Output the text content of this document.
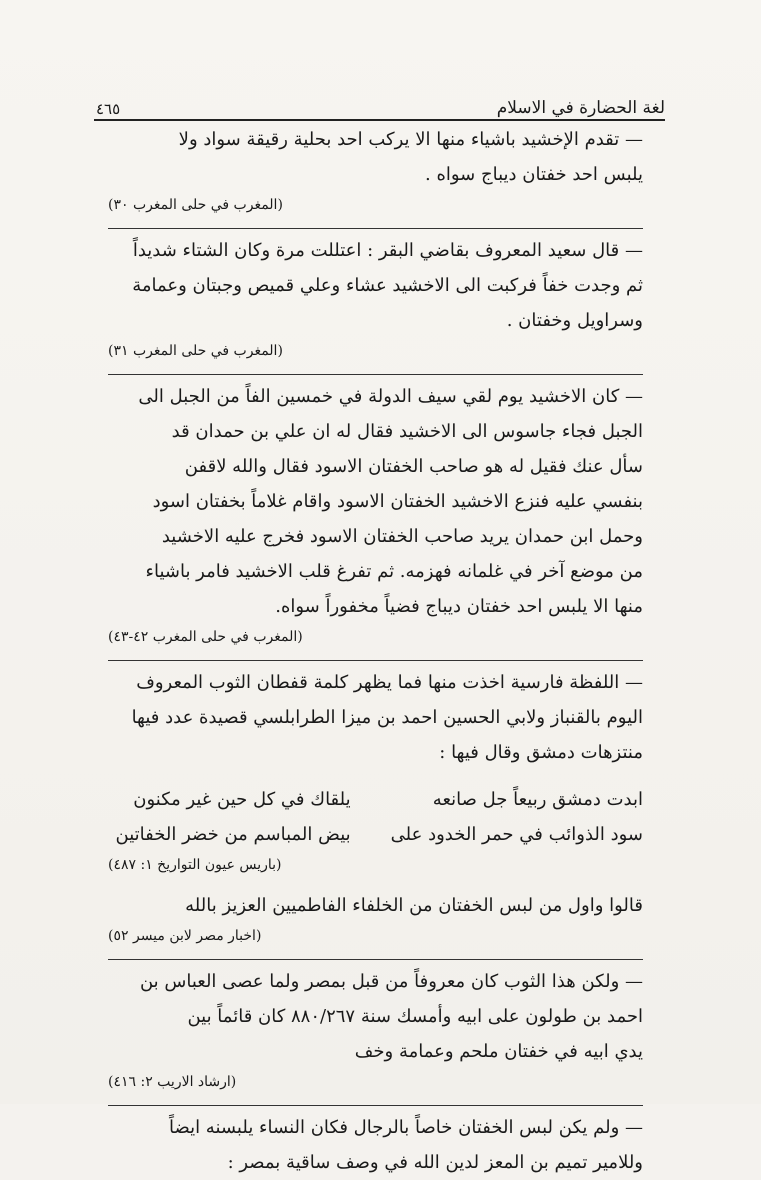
لغة الحضارة في الاسلام
٤٦٥

— تقدم الإخشيد باشياء منها الا يركب احد بحلية رقيقة سواد ولا

يلبس احد خفتان ديباج سواه .

(المغرب في حلى المغرب ٣٠)

— قال سعيد المعروف بقاضي البقر : اعتللت مرة وكان الشتاء شديداً

ثم وجدت خفاً فركبت الى الاخشيد عشاء وعلي قميص وجبتان وعمامة

وسراويل وخفتان .

(المغرب في حلى المغرب ٣١)

— كان الاخشيد يوم لقي سيف الدولة في خمسين الفاً من الجبل الى

الجبل فجاء جاسوس الى الاخشيد فقال له ان علي بن حمدان قد

سأل عنك فقيل له هو صاحب الخفتان الاسود فقال والله لاقفن

بنفسي عليه فنزع الاخشيد الخفتان الاسود واقام غلاماً بخفتان اسود

وحمل ابن حمدان يريد صاحب الخفتان الاسود فخرج عليه الاخشيد

من موضع آخر في غلمانه فهزمه. ثم تفرغ قلب الاخشيد فامر باشياء

منها الا يلبس احد خفتان ديباج فضياً مخفوراً سواه.

(المغرب في حلى المغرب ٤٢-٤٣)

— اللفظة فارسية اخذت منها فما يظهر كلمة قفطان الثوب المعروف

اليوم بالقنباز ولابي الحسين احمد بن ميزا الطرابلسي قصيدة عدد فيها

منتزهات دمشق وقال فيها :

ابدت دمشق ربيعاً جل صانعه
يلقاك في كل حين غير مكنون
سود الذوائب في حمر الخدود على
بيض المباسم من خضر الخفاتين

(باريس عيون التواريخ ١: ٤٨٧)

قالوا واول من لبس الخفتان من الخلفاء الفاطميين العزيز بالله

(اخبار مصر لابن ميسر ٥٢)

— ولكن هذا الثوب كان معروفاً من قبل بمصر ولما عصى العباس بن

احمد بن طولون على ابيه وأمسك سنة ٨٨٠/٢٦٧ كان قائماً بين

يدي ابيه في خفتان ملحم وعمامة وخف

(ارشاد الاريب ٢: ٤١٦)

— ولم يكن لبس الخفتان خاصاً بالرجال فكان النساء يلبسنه ايضاً

وللامير تميم بن المعز لدين الله في وصف ساقية بمصر :
